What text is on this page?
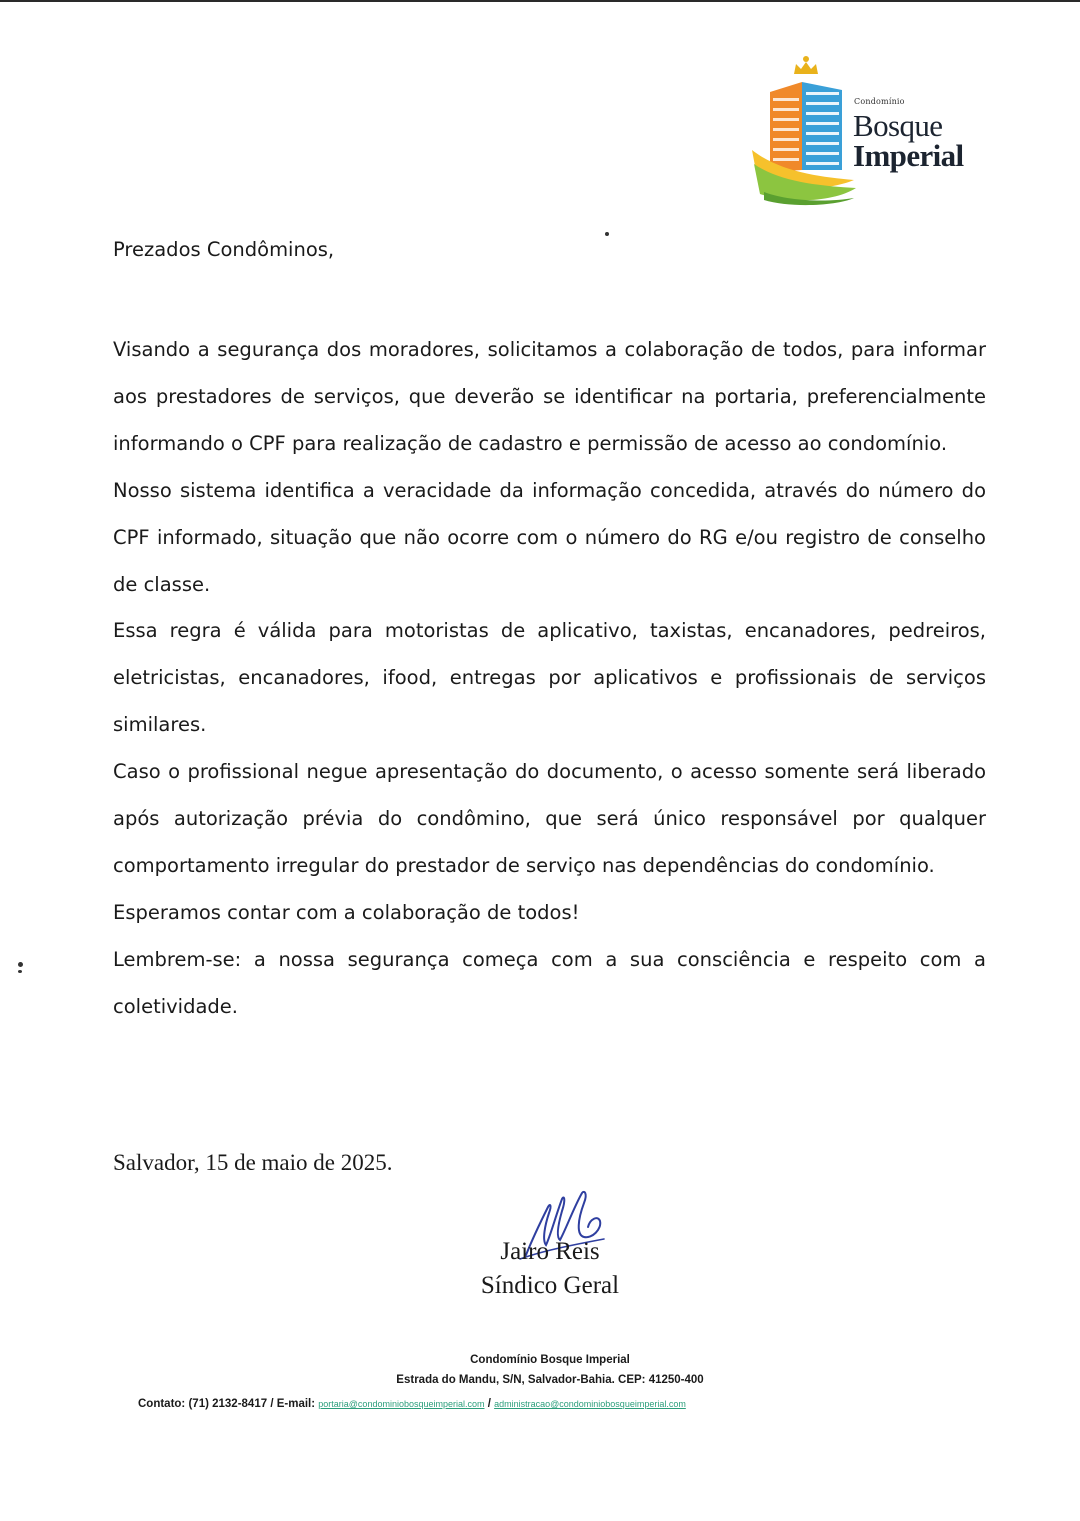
Condomínio
Bosque
Imperial
Prezados Condôminos,

Visando a segurança dos moradores, solicitamos a colaboração de todos, para informar aos prestadores de serviços, que deverão se identificar na portaria, preferencialmente informando o CPF para realização de cadastro e permissão de acesso ao condomínio.

Nosso sistema identifica a veracidade da informação concedida, através do número do CPF informado, situação que não ocorre com o número do RG e/ou registro de conselho de classe.

Essa regra é válida para motoristas de aplicativo, taxistas, encanadores, pedreiros, eletricistas, encanadores, ifood, entregas por aplicativos e profissionais de serviços similares.

Caso o profissional negue apresentação do documento, o acesso somente será liberado após autorização prévia do condômino, que será único responsável por qualquer comportamento irregular do prestador de serviço nas dependências do condomínio.

Esperamos contar com a colaboração de todos!

Lembrem-se: a nossa segurança começa com a sua consciência e respeito com a coletividade.

Salvador, 15 de maio de 2025.
Jairo Reis
Síndico Geral
Condomínio Bosque Imperial
Estrada do Mandu, S/N, Salvador-Bahia. CEP: 41250-400
Contato: (71) 2132-8417 / E-mail: portaria@condominiobosqueimperial.com / administracao@condominiobosqueimperial.com
